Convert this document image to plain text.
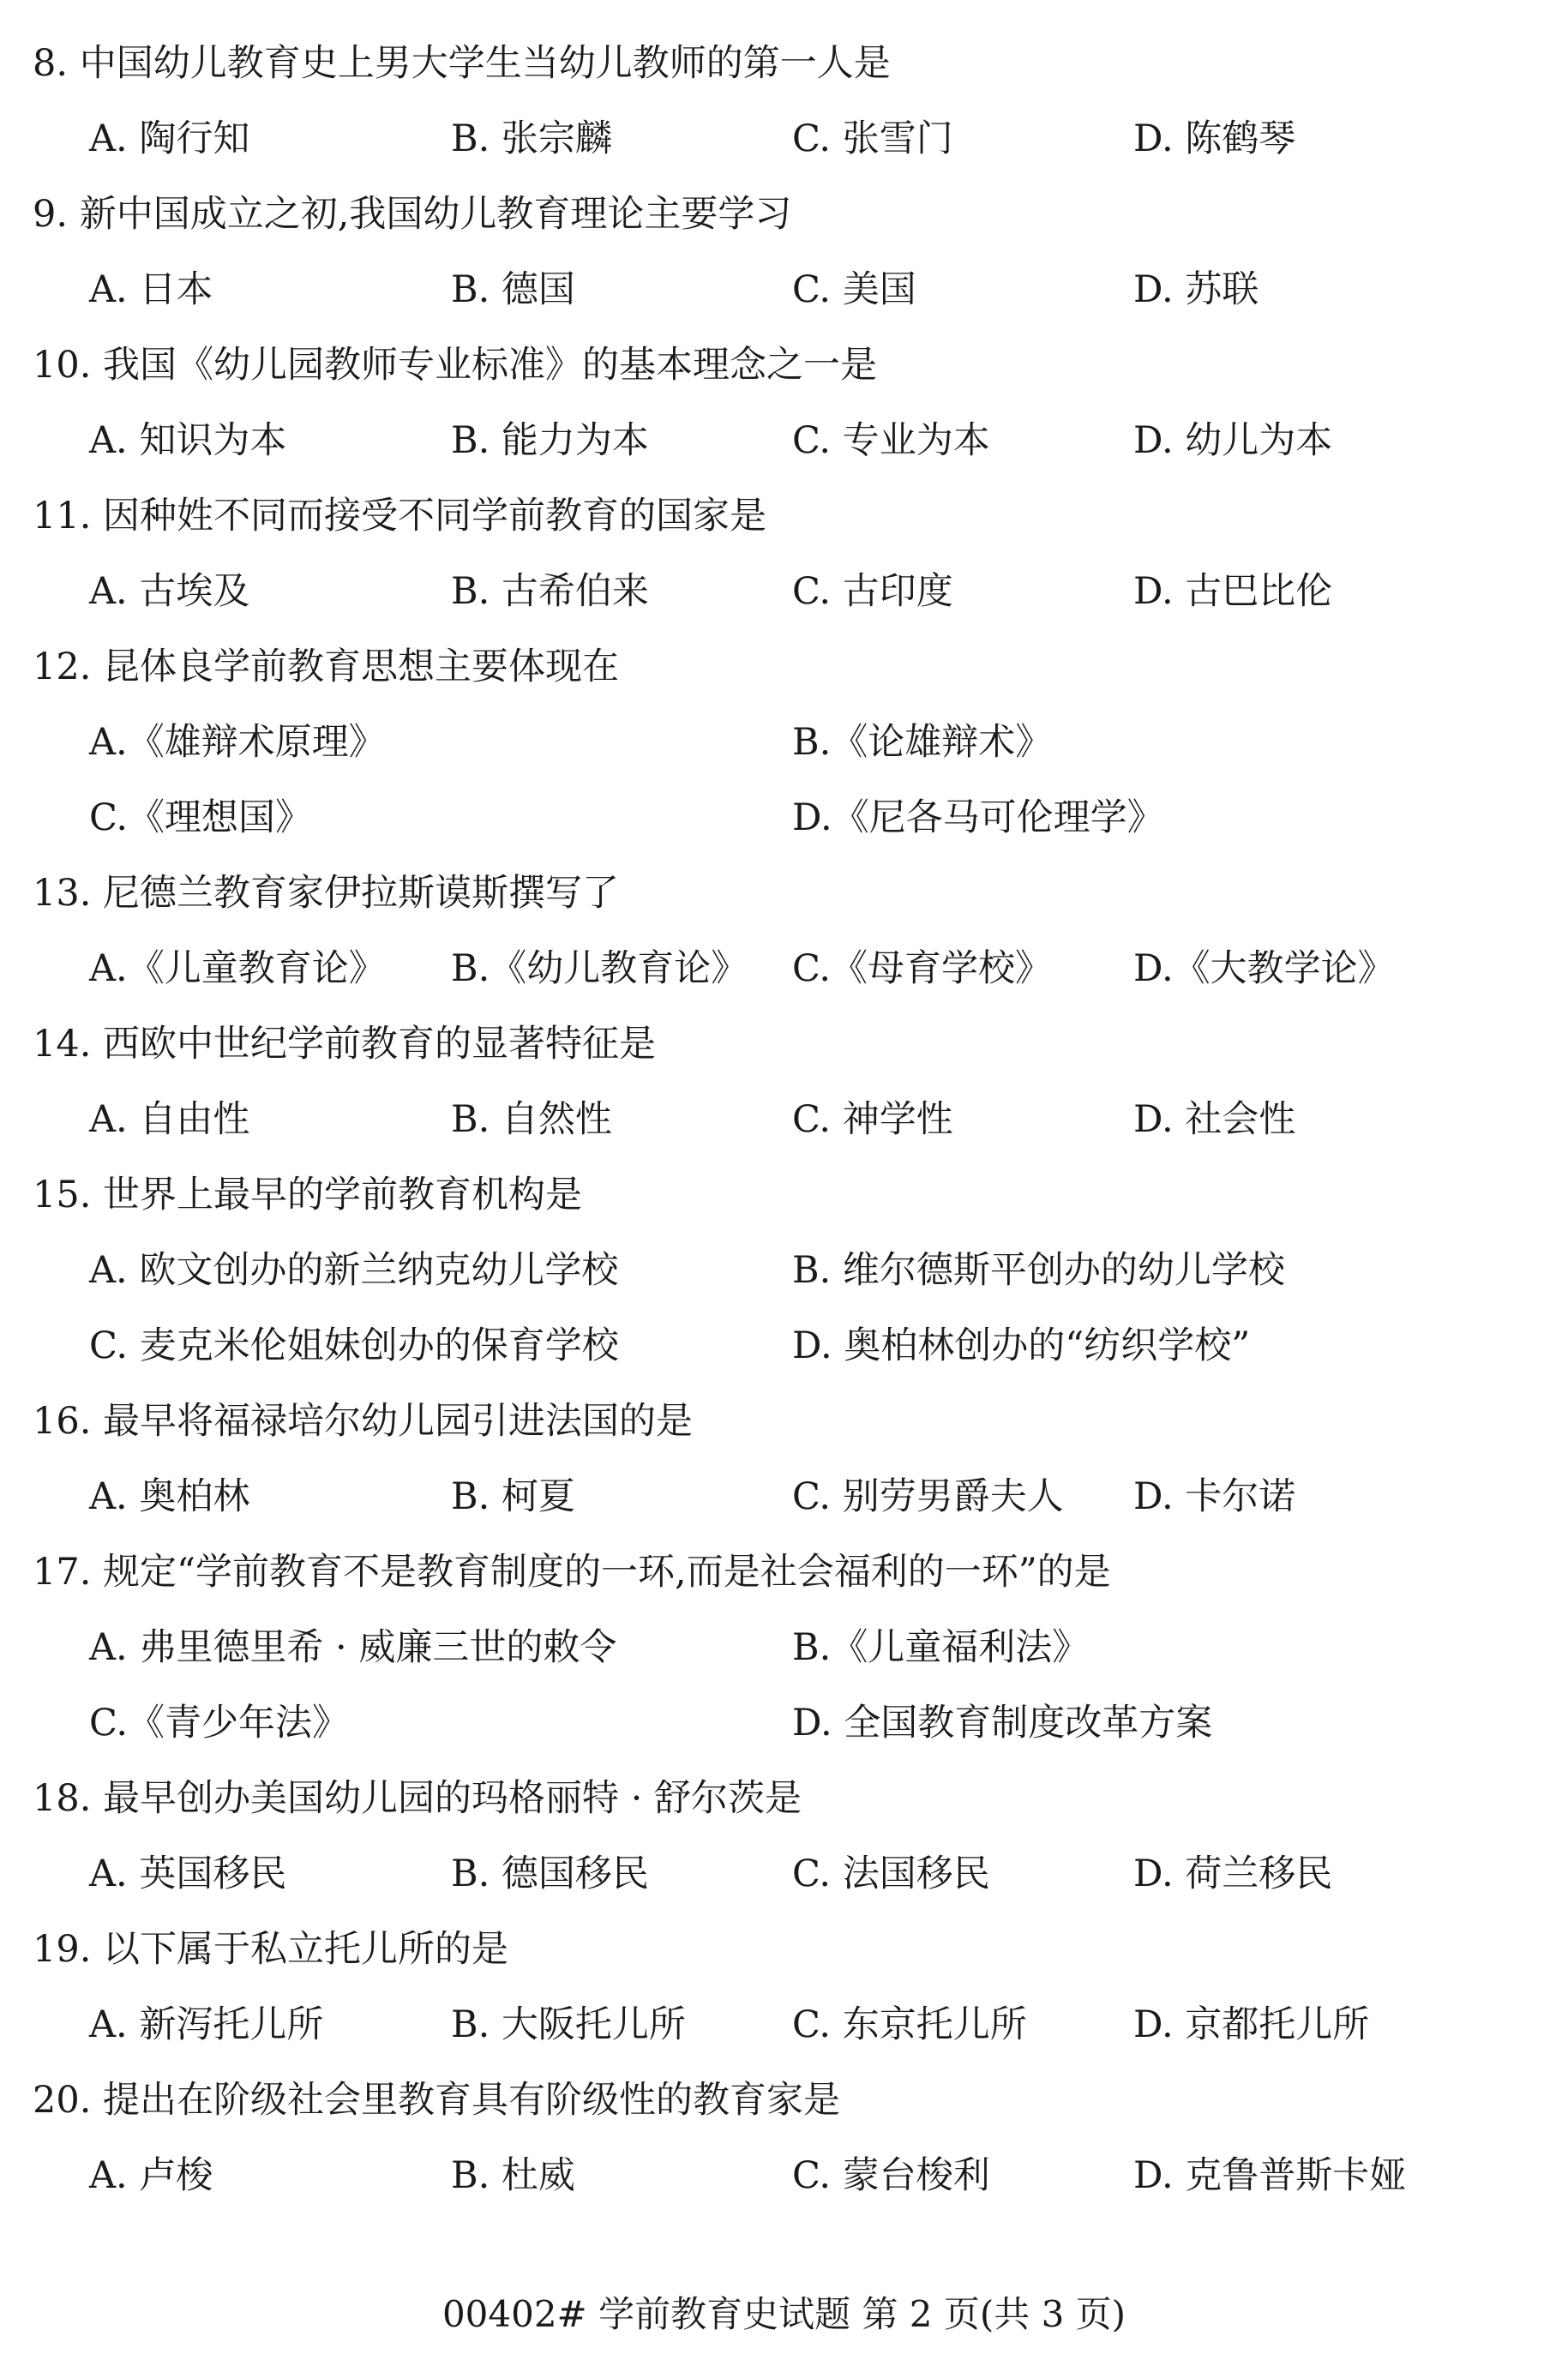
8. 中国幼儿教育史上男大学生当幼儿教师的第一人是
A. 陶行知	B. 张宗麟	C. 张雪门	D. 陈鹤琴
9. 新中国成立之初,我国幼儿教育理论主要学习
A. 日本	B. 德国	C. 美国	D. 苏联
10. 我国《幼儿园教师专业标准》的基本理念之一是
A. 知识为本	B. 能力为本	C. 专业为本	D. 幼儿为本
11. 因种姓不同而接受不同学前教育的国家是
A. 古埃及	B. 古希伯来	C. 古印度	D. 古巴比伦
12. 昆体良学前教育思想主要体现在
A.《雄辩术原理》	B.《论雄辩术》
C.《理想国》	D.《尼各马可伦理学》
13. 尼德兰教育家伊拉斯谟斯撰写了
A.《儿童教育论》 B.《幼儿教育论》 C.《母育学校》 D.《大教学论》
14. 西欧中世纪学前教育的显著特征是
A. 自由性	B. 自然性	C. 神学性	D. 社会性
15. 世界上最早的学前教育机构是
A. 欧文创办的新兰纳克幼儿学校	B. 维尔德斯平创办的幼儿学校
C. 麦克米伦姐妹创办的保育学校	D. 奥柏林创办的“纺织学校”
16. 最早将福禄培尔幼儿园引进法国的是
A. 奥柏林	B. 柯夏	C. 别劳男爵夫人 D. 卡尔诺
17. 规定“学前教育不是教育制度的一环,而是社会福利的一环”的是
A. 弗里德里希 · 威廉三世的敕令	B.《儿童福利法》
C.《青少年法》	D. 全国教育制度改革方案
18. 最早创办美国幼儿园的玛格丽特 · 舒尔茨是
A. 英国移民	B. 德国移民	C. 法国移民	D. 荷兰移民
19. 以下属于私立托儿所的是
A. 新泻托儿所	B. 大阪托儿所	C. 东京托儿所	D. 京都托儿所
20. 提出在阶级社会里教育具有阶级性的教育家是
A. 卢梭	B. 杜威	C. 蒙台梭利	D. 克鲁普斯卡娅
00402# 学前教育史试题 第 2 页(共 3 页)
